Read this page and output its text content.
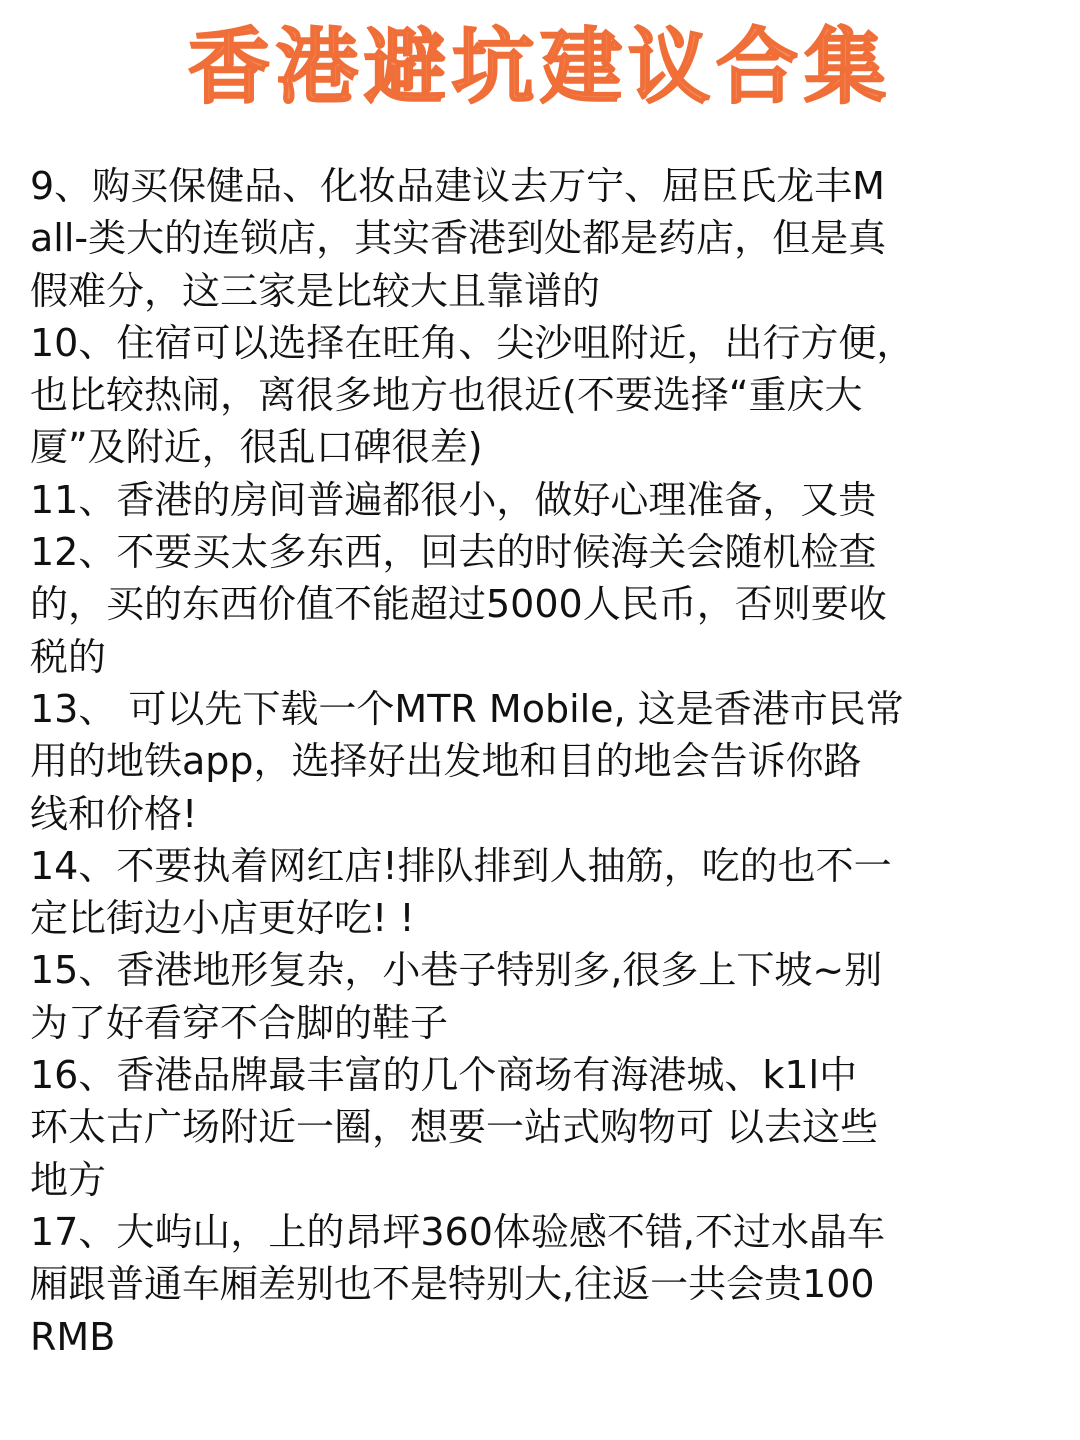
香港避坑建议合集
9、购买保健品、化妆品建议去万宁、屈臣氏龙丰M
all-类大的连锁店，其实香港到处都是药店，但是真
假难分，这三家是比较大且靠谱的
10、住宿可以选择在旺角、尖沙咀附近，出行方便，
也比较热闹，离很多地方也很近(不要选择“重庆大
厦”及附近，很乱口碑很差)
11、香港的房间普遍都很小，做好心理准备，又贵
12、不要买太多东西，回去的时候海关会随机检查
的，买的东西价值不能超过5000人民币，否则要收
税的
13、 可以先下载一个MTR Mobile, 这是香港市民常
用的地铁app，选择好出发地和目的地会告诉你路
线和价格!
14、不要执着网红店!排队排到人抽筋，吃的也不一
定比街边小店更好吃! !
15、香港地形复杂，小巷子特别多,很多上下坡~别
为了好看穿不合脚的鞋子
16、香港品牌最丰富的几个商场有海港城、k1l中
环太古广场附近一圈，想要一站式购物可 以去这些
地方
17、大屿山，上的昂坪360体验感不错,不过水晶车
厢跟普通车厢差别也不是特别大,往返一共会贵100
RMB
